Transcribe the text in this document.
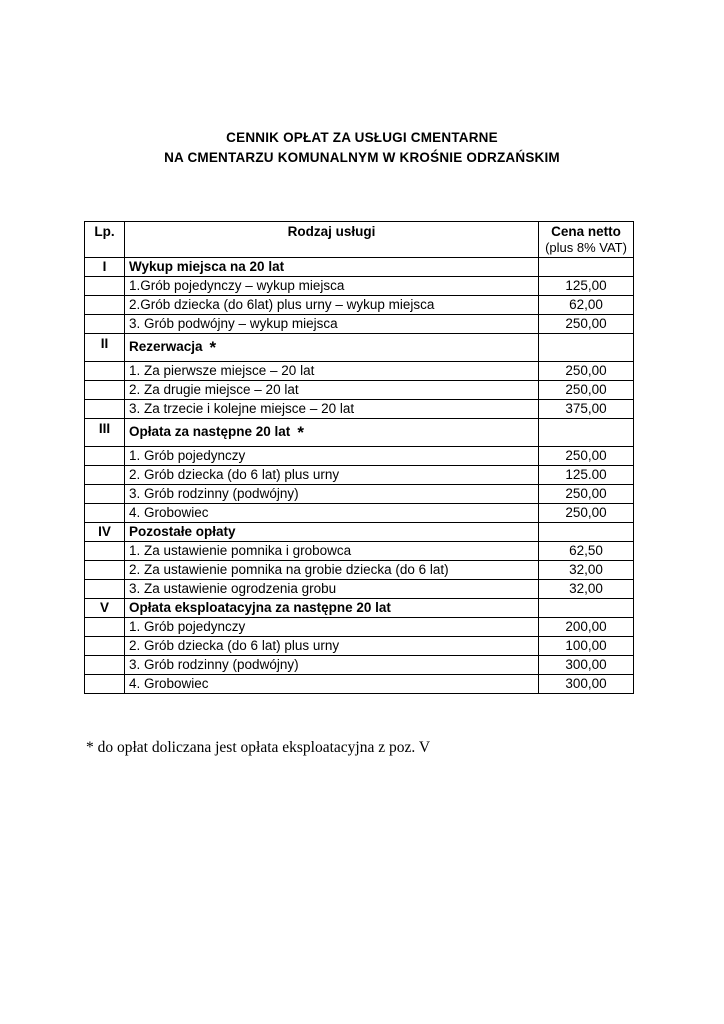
CENNIK OPŁAT ZA USŁUGI CMENTARNE
NA CMENTARZU KOMUNALNYM W KROŚNIE ODRZAŃSKIM
Lp.	Rodzaj usługi	Cena netto
(plus 8% VAT)

I	Wykup miejsca na 20 lat	
	1.Grób pojedynczy – wykup miejsca	125,00
	2.Grób dziecka (do 6lat) plus urny – wykup miejsca	62,00
	3. Grób podwójny – wykup miejsca	250,00
II	Rezerwacja *	
	1. Za pierwsze miejsce – 20 lat	250,00
	2. Za drugie miejsce – 20 lat	250,00
	3. Za trzecie i kolejne miejsce – 20 lat	375,00
III	Opłata za następne 20 lat *	
	1. Grób pojedynczy	250,00
	2. Grób dziecka (do 6 lat) plus urny	125.00
	3. Grób rodzinny (podwójny)	250,00
	4. Grobowiec	250,00
IV	Pozostałe opłaty	
	1. Za ustawienie pomnika i grobowca	62,50
	2. Za ustawienie pomnika na grobie dziecka (do 6 lat)	32,00
	3. Za ustawienie ogrodzenia grobu	32,00
V	Opłata eksploatacyjna za następne 20 lat	
	1. Grób pojedynczy	200,00
	2. Grób dziecka (do 6 lat) plus urny	100,00
	3. Grób rodzinny (podwójny)	300,00
	4. Grobowiec	300,00
* do opłat doliczana jest opłata eksploatacyjna z poz. V
